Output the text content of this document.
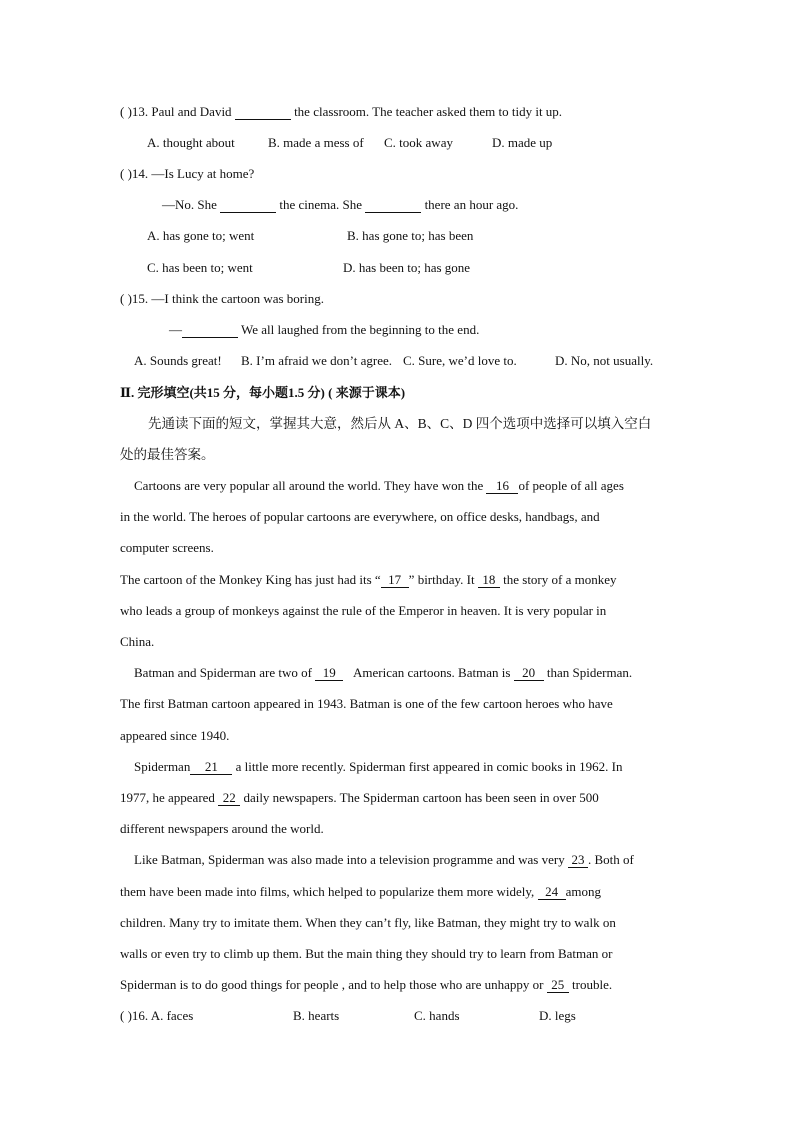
( )13. Paul and David	the classroom. The teacher asked them to tidy it up.
A. thought about	B. made a mess of C. took away	D. made up
( )14. —Is Lucy at home?
—No. She	the cinema. She	there an hour ago.
A. has gone to; went	B. has gone to; has been
C. has been to; went	D. has been to; has gone
( )15. —I think the cartoon was boring.
—	We all laughed from the beginning to the end.
A. Sounds great! B. I’m afraid we don’t agree. C. Sure, we’d love to.	D. No, not usually.
Ⅱ. 完形填空(共15 分，每小题1.5 分) ( 来源于课本)
先通读下面的短文，掌握其大意，然后从 A、B、C、D 四个选项中选择可以填入空白
处的最佳答案。
Cartoons are very popular all around the world. They have won the 16 of people of all ages
in the world. The heroes of popular cartoons are everywhere, on office desks, handbags, and
computer screens.
The cartoon of the Monkey King has just had its “ 17 ” birthday. It 18 the story of a monkey
who leads a group of monkeys against the rule of the Emperor in heaven. It is very popular in
China.
Batman and Spiderman are two of 19 American cartoons. Batman is 20 than Spiderman.
The first Batman cartoon appeared in 1943. Batman is one of the few cartoon heroes who have
appeared since 1940.
Spiderman 21 a little more recently. Spiderman first appeared in comic books in 1962. In
1977, he appeared 22 daily newspapers. The Spiderman cartoon has been seen in over 500
different newspapers around the world.
Like Batman, Spiderman was also made into a television programme and was very 23 . Both of
them have been made into films, which helped to popularize them more widely, 24 among
children. Many try to imitate them. When they can’t fly, like Batman, they might try to walk on
walls or even try to climb up them. But the main thing they should try to learn from Batman or
Spiderman is to do good things for people , and to help those who are unhappy or 25 trouble.
( )16. A. faces	B. hearts	C. hands	D. legs
